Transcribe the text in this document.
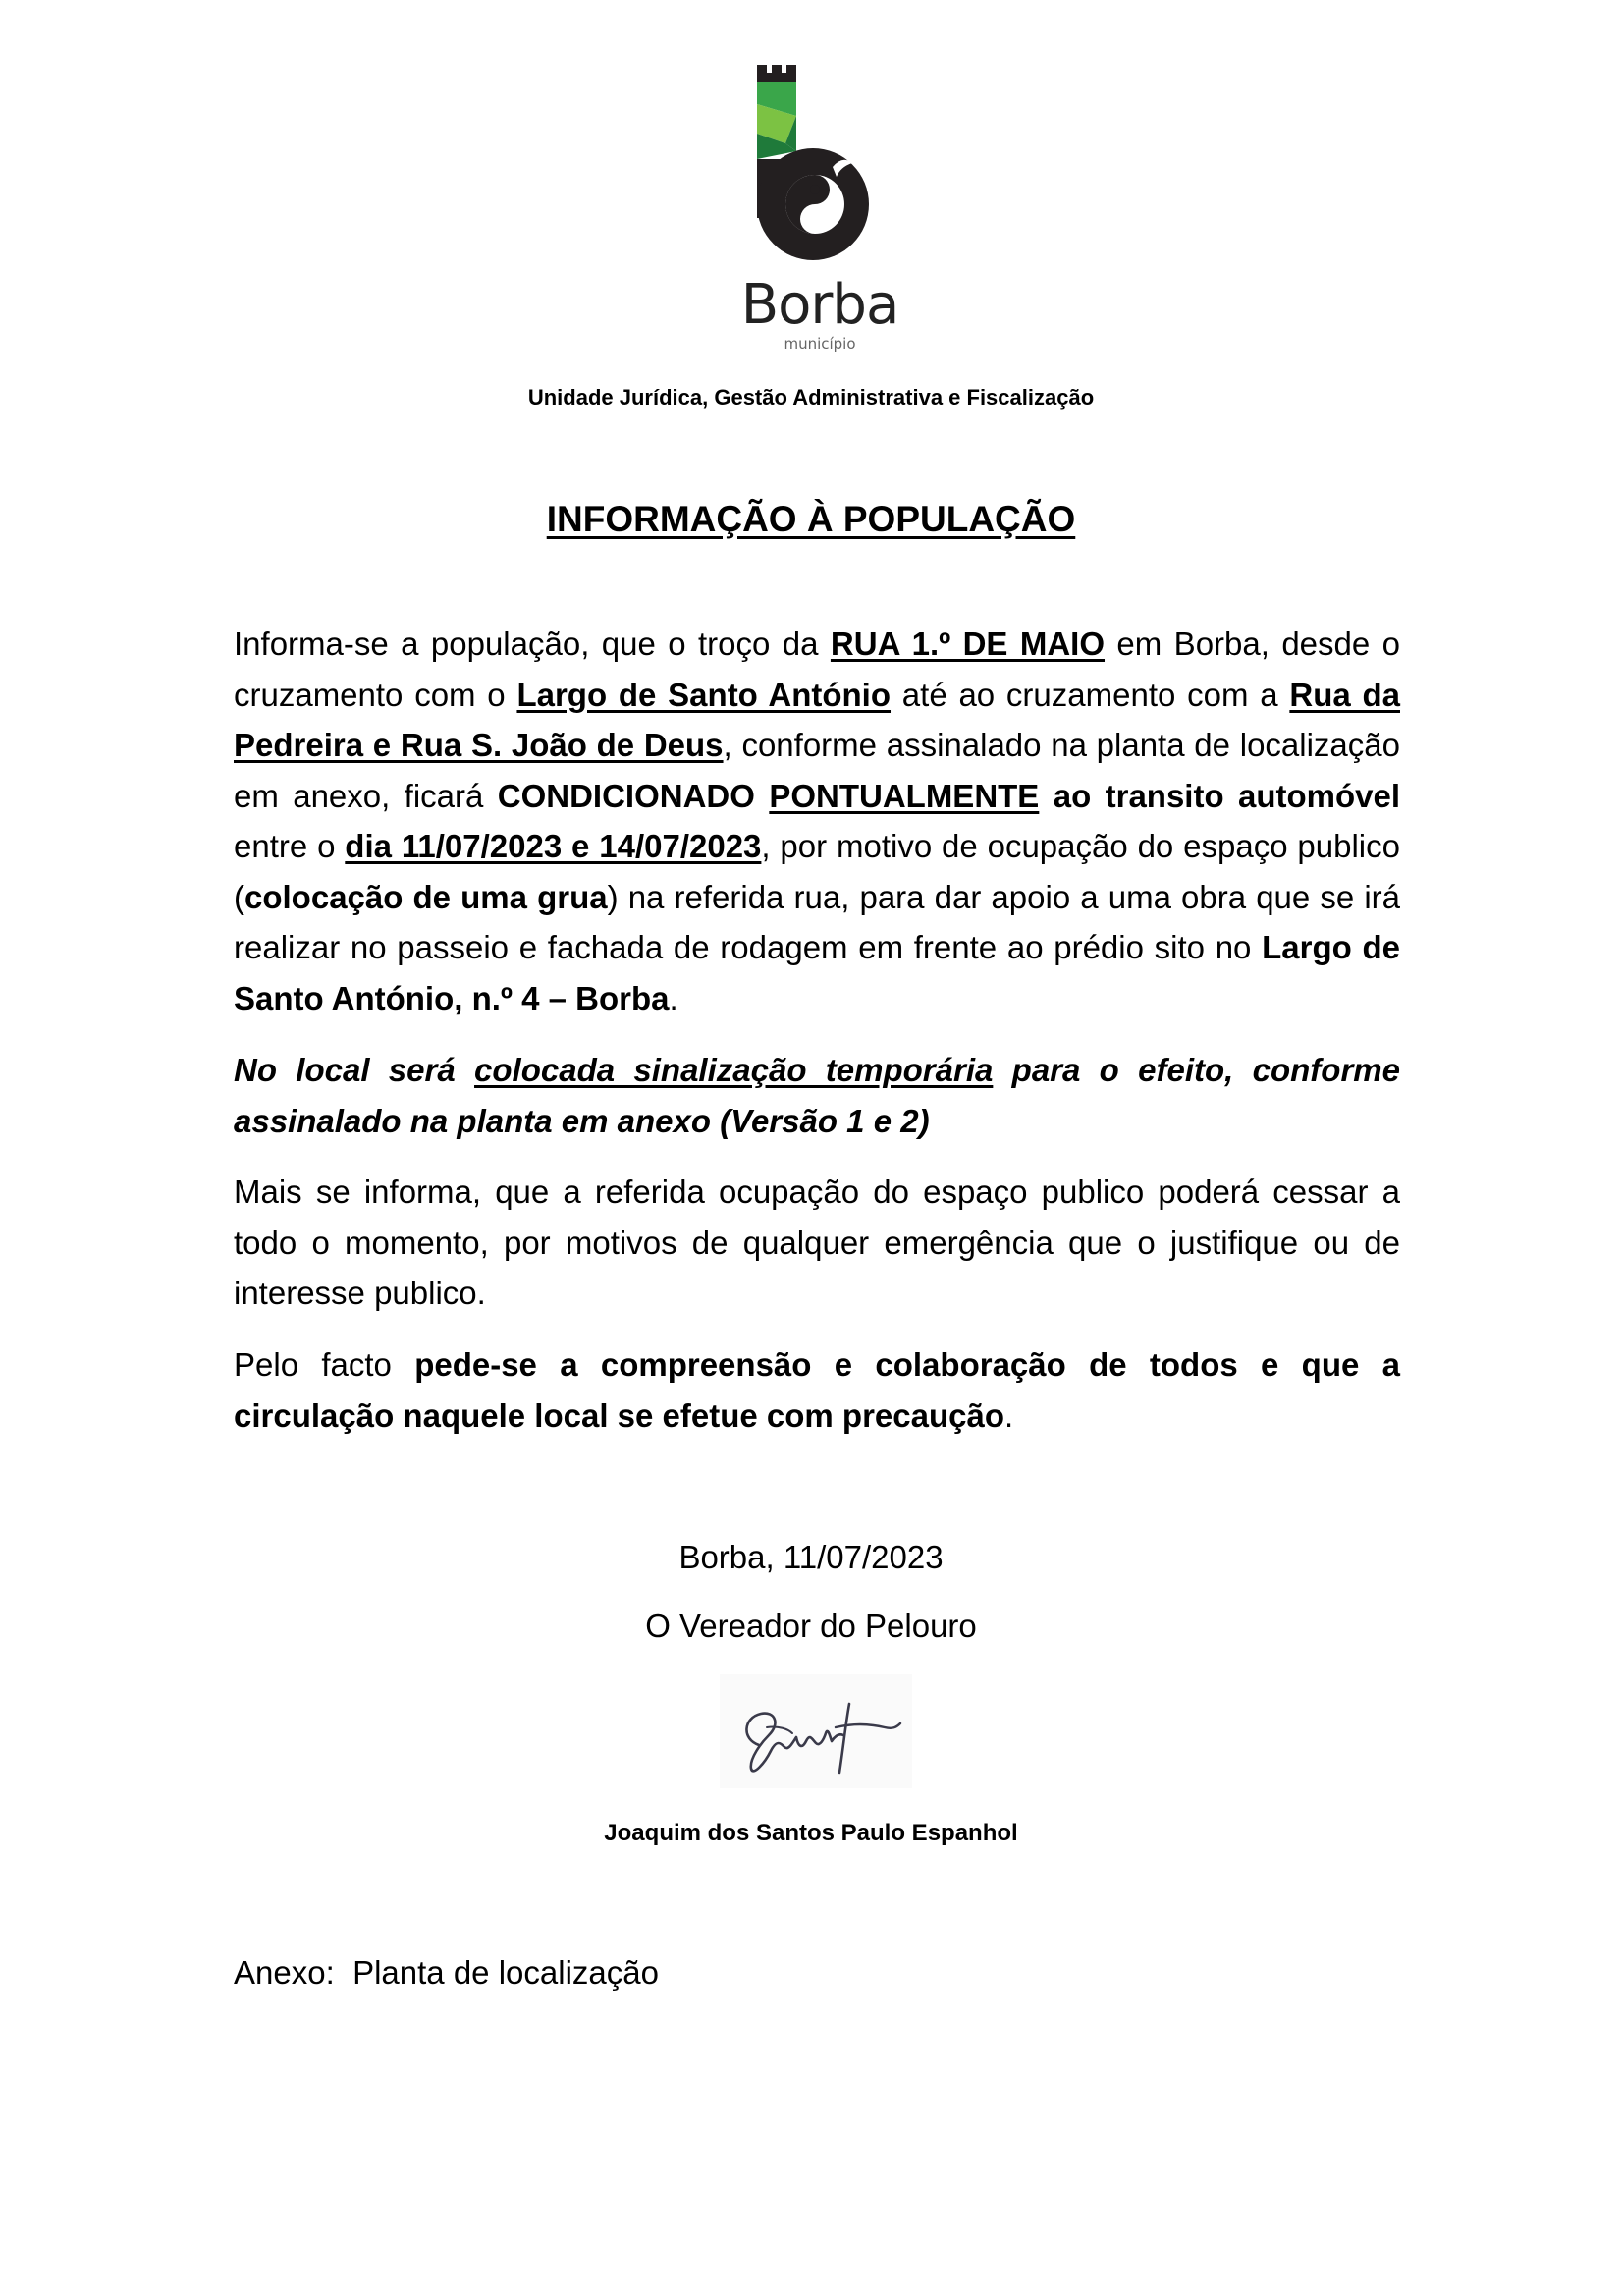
Borba
município
Unidade Jurídica, Gestão Administrativa e Fiscalização
INFORMAÇÃO À POPULAÇÃO

Informa-se a população, que o troço da RUA 1.º DE MAIO em Borba, desde o cruzamento com o Largo de Santo António até ao cruzamento com a Rua da Pedreira e Rua S. João de Deus, conforme assinalado na planta de localização em anexo, ficará CONDICIONADO PONTUALMENTE ao transito automóvel entre o dia 11/07/2023 e 14/07/2023, por motivo de ocupação do espaço publico (colocação de uma grua) na referida rua, para dar apoio a uma obra que se irá realizar no passeio e fachada de rodagem em frente ao prédio sito no Largo de Santo António, n.º 4 – Borba.

No local será colocada sinalização temporária para o efeito, conforme assinalado na planta em anexo (Versão 1 e 2)

Mais se informa, que a referida ocupação do espaço publico poderá cessar a todo o momento, por motivos de qualquer emergência que o justifique ou de interesse publico.

Pelo facto pede-se a compreensão e colaboração de todos e que a circulação naquele local se efetue com precaução.

Borba, 11/07/2023
O Vereador do Pelouro
Joaquim dos Santos Paulo Espanhol
Anexo: Planta de localização
